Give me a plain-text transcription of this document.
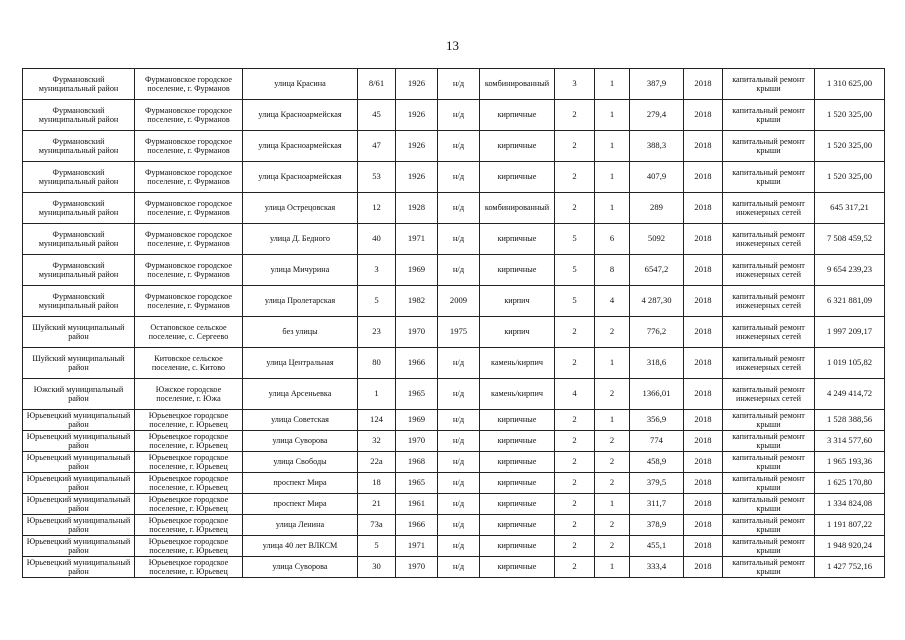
13
Фурмановский муниципальный район	Фурмановское городское поселение, г. Фурманов	улица Красина	8/61	1926	н/д	комбинированный	3	1	387,9	2018	капитальный ремонт крыши	1 310 625,00
Фурмановский муниципальный район	Фурмановское городское поселение, г. Фурманов	улица Красноармейская	45	1926	н/д	кирпичные	2	1	279,4	2018	капитальный ремонт крыши	1 520 325,00
Фурмановский муниципальный район	Фурмановское городское поселение, г. Фурманов	улица Красноармейская	47	1926	н/д	кирпичные	2	1	388,3	2018	капитальный ремонт крыши	1 520 325,00
Фурмановский муниципальный район	Фурмановское городское поселение, г. Фурманов	улица Красноармейская	53	1926	н/д	кирпичные	2	1	407,9	2018	капитальный ремонт крыши	1 520 325,00
Фурмановский муниципальный район	Фурмановское городское поселение, г. Фурманов	улица Острецовская	12	1928	н/д	комбинированный	2	1	289	2018	капитальный ремонт инженерных сетей	645 317,21
Фурмановский муниципальный район	Фурмановское городское поселение, г. Фурманов	улица Д. Бедного	40	1971	н/д	кирпичные	5	6	5092	2018	капитальный ремонт инженерных сетей	7 508 459,52
Фурмановский муниципальный район	Фурмановское городское поселение, г. Фурманов	улица Мичурина	3	1969	н/д	кирпичные	5	8	6547,2	2018	капитальный ремонт инженерных сетей	9 654 239,23
Фурмановский муниципальный район	Фурмановское городское поселение, г. Фурманов	улица Пролетарская	5	1982	2009	кирпич	5	4	4 287,30	2018	капитальный ремонт инженерных сетей	6 321 881,09
Шуйский муниципальный район	Остаповское сельское поселение, с. Сергеево	без улицы	23	1970	1975	кирпич	2	2	776,2	2018	капитальный ремонт инженерных сетей	1 997 209,17
Шуйский муниципальный район	Китовское сельское поселение, с. Китово	улица Центральная	80	1966	н/д	камень/кирпич	2	1	318,6	2018	капитальный ремонт инженерных сетей	1 019 105,82
Южский муниципальный район	Южское городское поселение, г. Южа	улица Арсеньевка	1	1965	н/д	камень/кирпич	4	2	1366,01	2018	капитальный ремонт инженерных сетей	4 249 414,72
Юрьевецкий муниципальный район	Юрьевецкое городское поселение, г. Юрьевец	улица Советская	124	1969	н/д	кирпичные	2	1	356,9	2018	капитальный ремонт крыши	1 528 388,56
Юрьевецкий муниципальный район	Юрьевецкое городское поселение, г. Юрьевец	улица Суворова	32	1970	н/д	кирпичные	2	2	774	2018	капитальный ремонт крыши	3 314 577,60
Юрьевецкий муниципальный район	Юрьевецкое городское поселение, г. Юрьевец	улица Свободы	22а	1968	н/д	кирпичные	2	2	458,9	2018	капитальный ремонт крыши	1 965 193,36
Юрьевецкий муниципальный район	Юрьевецкое городское поселение, г. Юрьевец	проспект Мира	18	1965	н/д	кирпичные	2	2	379,5	2018	капитальный ремонт крыши	1 625 170,80
Юрьевецкий муниципальный район	Юрьевецкое городское поселение, г. Юрьевец	проспект Мира	21	1961	н/д	кирпичные	2	1	311,7	2018	капитальный ремонт крыши	1 334 824,08
Юрьевецкий муниципальный район	Юрьевецкое городское поселение, г. Юрьевец	улица Ленина	73а	1966	н/д	кирпичные	2	2	378,9	2018	капитальный ремонт крыши	1 191 807,22
Юрьевецкий муниципальный район	Юрьевецкое городское поселение, г. Юрьевец	улица 40 лет ВЛКСМ	5	1971	н/д	кирпичные	2	2	455,1	2018	капитальный ремонт крыши	1 948 920,24
Юрьевецкий муниципальный район	Юрьевецкое городское поселение, г. Юрьевец	улица Суворова	30	1970	н/д	кирпичные	2	1	333,4	2018	капитальный ремонт крыши	1 427 752,16
